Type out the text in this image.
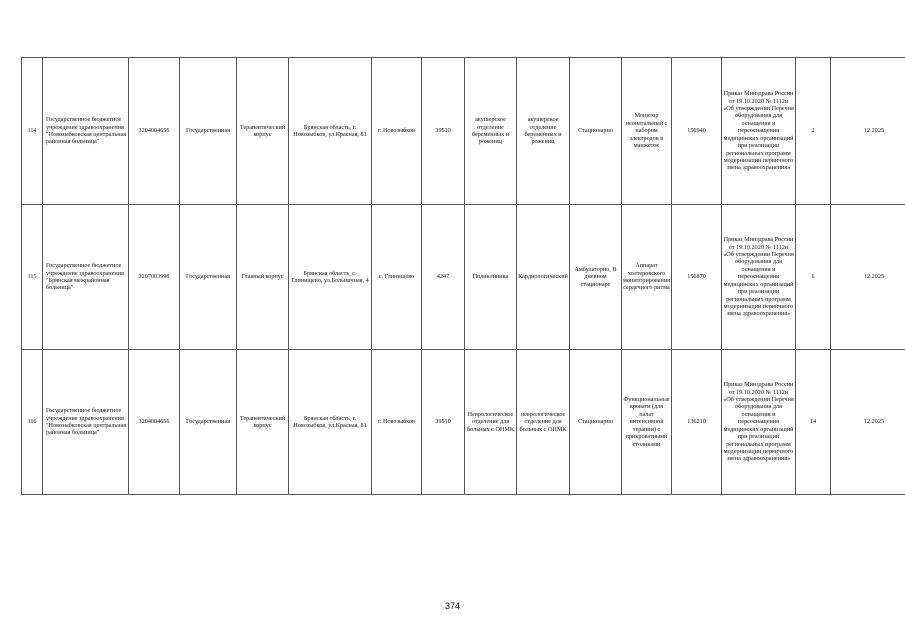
114	Государственное бюджетное учреждение здравоохранения "Новозыбковская центральная районная больница"	3204004656	Государственная	Терапевтический корпус	Брянская область, г. Новозыбков, ул.Красная, 81	г. Новозыбков	39510	акушерское отделение беременных и рожениц	акушерское отделение беременных и рожениц	Стационарно	Монитор неонатальный с набором электродов и манжеток	156940	Приказ Минздрава России от 19.10.2020 № 1112н «Об утверждении Перечня оборудования для оснащения и переоснащения медицинских организаций при реализации региональных программ модернизации первичного звена здравоохранения»	2	12.2025
115	Государственное бюджетное учреждение здравоохранения "Брянская межрайонная больница"	3207003998	Государственная	Главный корпус	Брянская область, с. Глинищево, ул.Больничная, 4	с. Глинищево	4247	Поликлиника	Кардиологический	Амбулаторно, В дневном стационаре	Аппарат холтеровского мониторирования сердечного ритма	156870	Приказ Минздрава России от 19.10.2020 № 1112н «Об утверждении Перечня оборудования для оснащения и переоснащения медицинских организаций при реализации региональных программ модернизации первичного звена здравоохранения»	6	12.2025
116	Государственное бюджетное учреждение здравоохранения "Новозыбковская центральная районная больница"	3204004656	Государственная	Терапевтический корпус	Брянская область, г. Новозыбков, ул.Красная, 81	г. Новозыбков	39510	Неврологическое отделение для больных с ОНМК	неврологическое отделение для больных с ОНМК	Стационарно	Функциональные кровати (для палат интенсивной терапии) с прикроватными столиками	136210	Приказ Минздрава России от 19.10.2020 № 1112н «Об утверждении Перечня оборудования для оснащения и переоснащения медицинских организаций при реализации региональных программ модернизации первичного звена здравоохранения»	14	12.2025
374
